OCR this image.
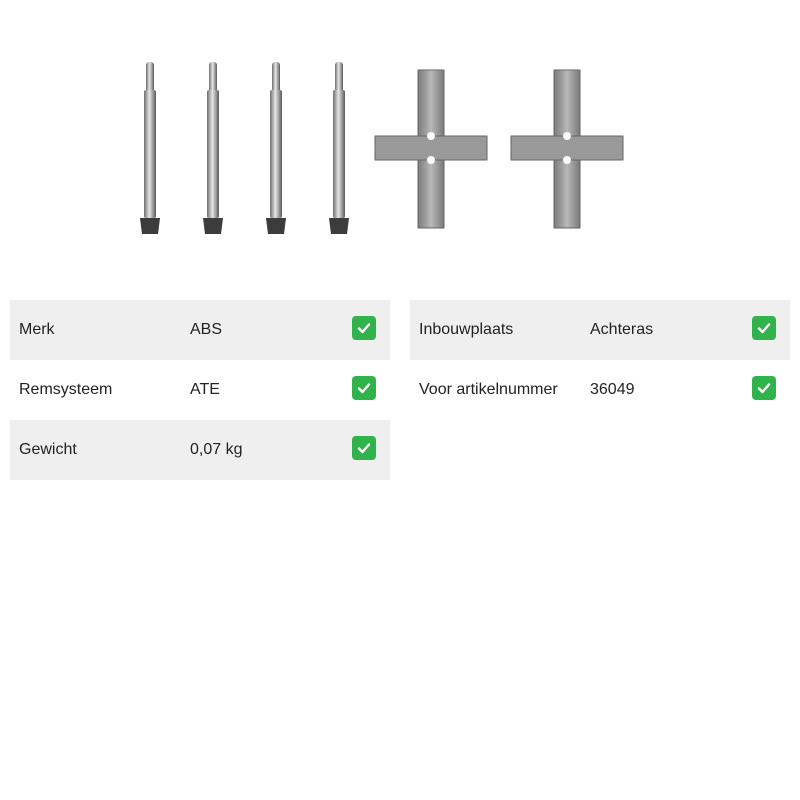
Merk	ABS
Remsysteem	ATE
Gewicht	0,07 kg
Inbouwplaats	Achteras
Voor artikelnummer 36049
